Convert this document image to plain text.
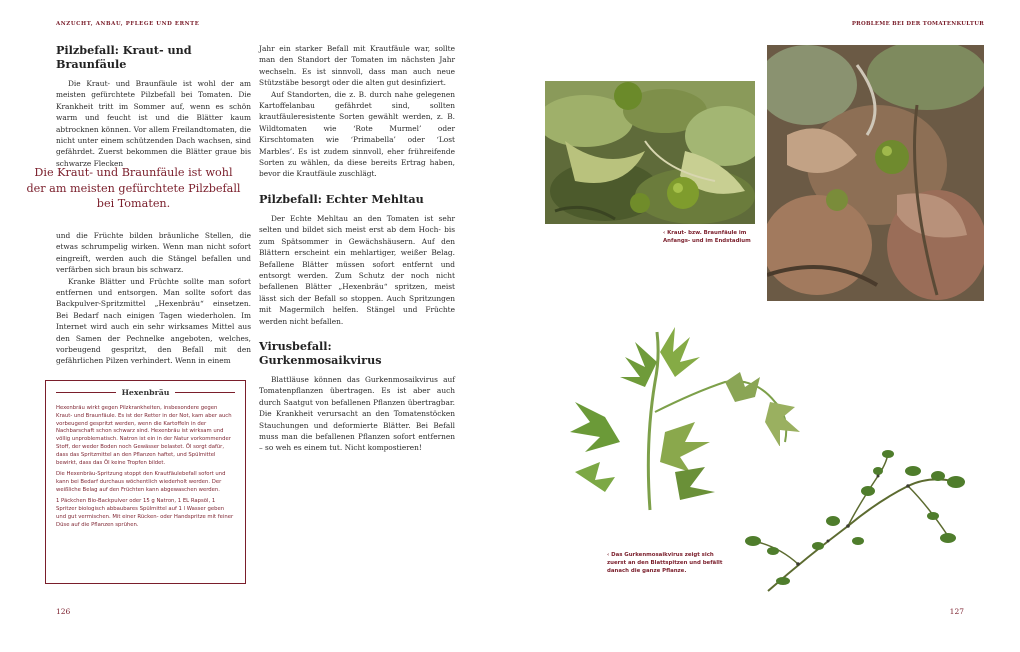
ANZUCHT, ANBAU, PFLEGE UND ERNTE
Pilzbefall: Kraut- und Braunfäule

Die Kraut- und Braunfäule ist wohl der am meisten gefürchtete Pilzbefall bei Tomaten. Die Krankheit tritt im Sommer auf, wenn es schön warm und feucht ist und die Blätter kaum abtrocknen können. Vor allem Freilandtomaten, die nicht unter einem schützenden Dach wachsen, sind gefährdet. Zuerst bekommen die Blätter graue bis schwarze Flecken

Die Kraut- und Braunfäule ist wohl der am meisten gefürchtete Pilzbefall bei Tomaten.

und die Früchte bilden bräunliche Stellen, die etwas schrumpelig wirken. Wenn man nicht sofort eingreift, werden auch die Stängel befallen und verfärben sich braun bis schwarz.

Kranke Blätter und Früchte sollte man sofort entfernen und entsorgen. Man sollte sofort das Backpulver-Spritzmittel „Hexenbräu“ einsetzen. Bei Bedarf nach einigen Tagen wiederholen. Im Internet wird auch ein sehr wirksames Mittel aus den Samen der Pechnelke angeboten, welches, vorbeugend gespritzt, den Befall mit den gefährlichen Pilzen verhindert. Wenn in einem

Hexenbräu

Hexenbräu wirkt gegen Pilzkrankheiten, insbesondere gegen Kraut- und Braunfäule. Es ist der Retter in der Not, kam aber auch vorbeugend gespritzt werden, wenn die Kartoffeln in der Nachbarschaft schon schwarz sind. Hexenbräu ist wirksam und völlig unproblematisch. Natron ist ein in der Natur vorkommender Stoff, der weder Boden noch Gewässer belastet. Öl sorgt dafür, dass das Spritzmittel an den Pflanzen haftet, und Spülmittel bewirkt, dass das Öl keine Tropfen bildet.

Die Hexenbräu-Spritzung stoppt den Krautfäulebefall sofort und kann bei Bedarf durchaus wöchentlich wiederholt werden. Der weißliche Belag auf den Früchten kann abgewaschen werden.

1 Päckchen Bio-Backpulver oder 15 g Natron, 1 EL Rapsöl, 1 Spritzer biologisch abbaubares Spülmittel auf 1 l Wasser geben und gut vermischen. Mit einer Rücken- oder Handspritze mit feiner Düse auf die Pflanzen sprühen.

Jahr ein starker Befall mit Krautfäule war, sollte man den Standort der Tomaten im nächsten Jahr wechseln. Es ist sinnvoll, dass man auch neue Stützstäbe besorgt oder die alten gut desinfiziert.

Auf Standorten, die z. B. durch nahe gelegenen Kartoffelanbau gefährdet sind, sollten krautfäuleresistente Sorten gewählt werden, z. B. Wildtomaten wie ‘Rote Murmel’ oder Kirschtomaten wie ‘Primabella’ oder ‘Lost Marbles’. Es ist zudem sinnvoll, eher frühreifende Sorten zu wählen, da diese bereits Ertrag haben, bevor die Krautfäule zuschlägt.

Pilzbefall: Echter Mehltau

Der Echte Mehltau an den Tomaten ist sehr selten und bildet sich meist erst ab dem Hoch- bis zum Spätsommer in Gewächshäusern. Auf den Blättern erscheint ein mehlartiger, weißer Belag. Befallene Blätter müssen sofort entfernt und entsorgt werden. Zum Schutz der noch nicht befallenen Blätter „Hexenbräu“ spritzen, meist lässt sich der Befall so stoppen. Auch Spritzungen mit Magermilch helfen. Stängel und Früchte werden nicht befallen.

Virusbefall: Gurkenmosaikvirus

Blattläuse können das Gurkenmosaikvirus auf Tomatenpflanzen übertragen. Es ist aber auch durch Saatgut von befallenen Pflanzen übertragbar. Die Krankheit verursacht an den Tomatenstöcken Stauchungen und deformierte Blätter. Bei Befall muss man die befallenen Pflanzen sofort entfernen – so weh es einem tut. Nicht kompostieren!

126
PROBLEME BEI DER TOMATENKULTUR
127
‹ Kraut- bzw. Braunfäule im Anfangs- und im Endstadium
‹ Das Gurkenmosaikvirus zeigt sich zuerst an den Blattspitzen und befällt danach die ganze Pflanze.
